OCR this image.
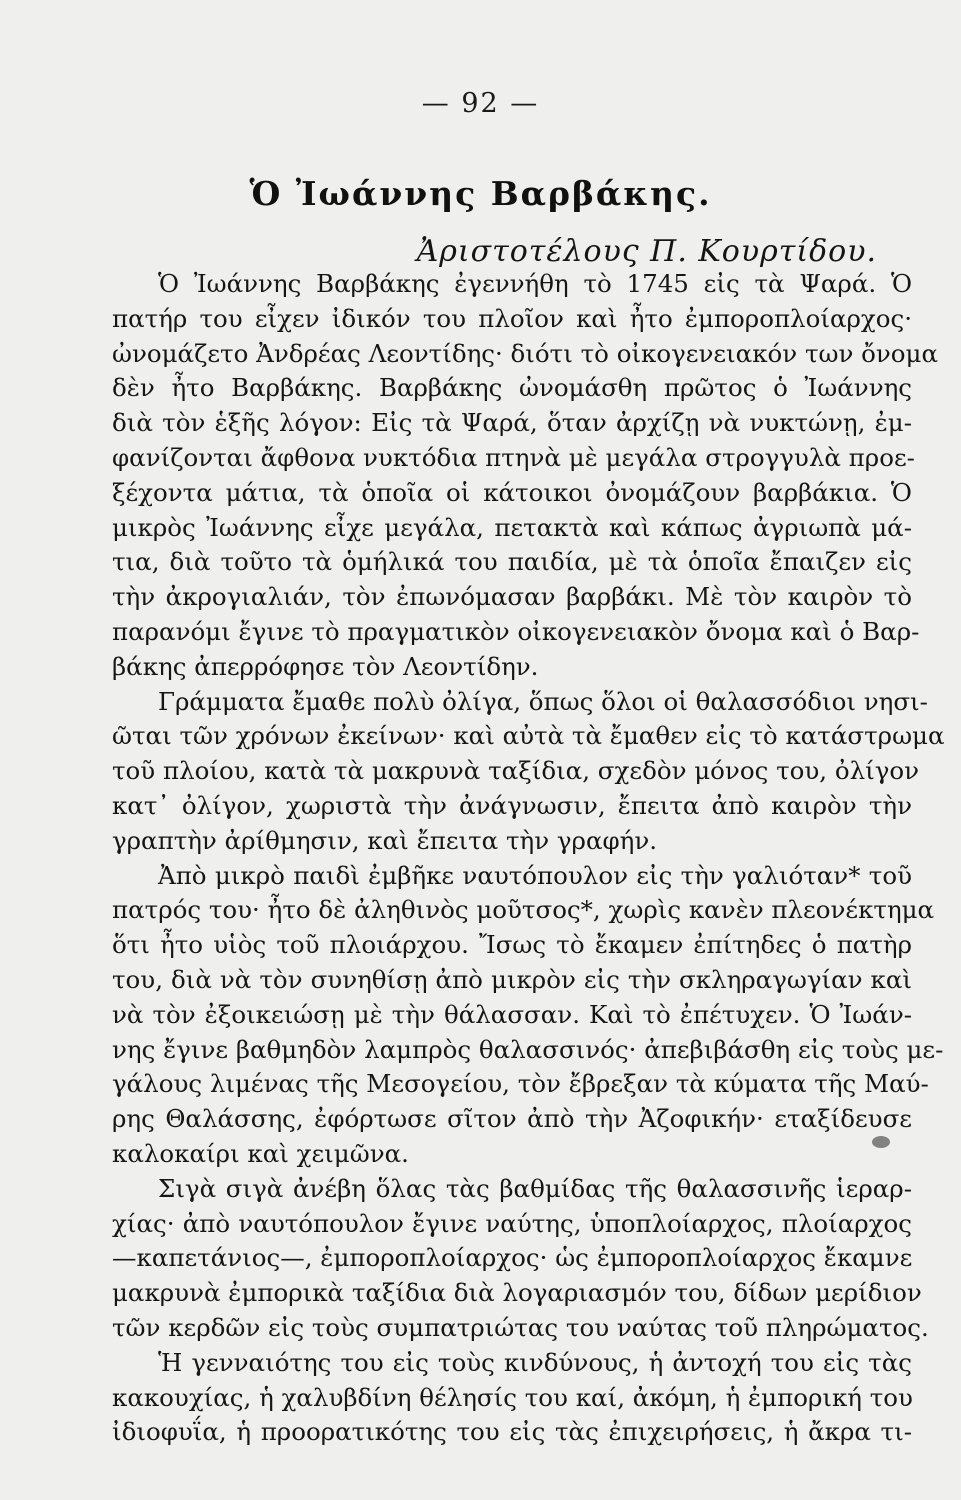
— 92 —
Ὁ Ἰωάννης Βαρβάκης.
Ἀριστοτέλους Π. Κουρτίδου.
Ὁ Ἰωάννης Βαρβάκης ἐγεννήθη τὸ 1745 εἰς τὰ Ψαρά. Ὁ
πατήρ του εἶχεν ἰδικόν του πλοῖον καὶ ἦτο ἐμποροπλοίαρχος·
ὠνομάζετο Ἀνδρέας Λεοντίδης· διότι τὸ οἰκογενειακόν των ὄνομα
δὲν ἦτο Βαρβάκης. Βαρβάκης ὠνομάσθη πρῶτος ὁ Ἰωάννης
διὰ τὸν ἑξῆς λόγον: Εἰς τὰ Ψαρά, ὅταν ἀρχίζῃ νὰ νυκτώνῃ, ἐμ-
φανίζονται ἄφθονα νυκτόδια πτηνὰ μὲ μεγάλα στρογγυλὰ προε-
ξέχοντα μάτια, τὰ ὁποῖα οἱ κάτοικοι ὀνομάζουν βαρβάκια. Ὁ
μικρὸς Ἰωάννης εἶχε μεγάλα, πετακτὰ καὶ κάπως ἀγριωπὰ μά-
τια, διὰ τοῦτο τὰ ὁμήλικά του παιδία, μὲ τὰ ὁποῖα ἔπαιζεν εἰς
τὴν ἀκρογιαλιάν, τὸν ἐπωνόμασαν βαρβάκι. Μὲ τὸν καιρὸν τὸ
παρανόμι ἔγινε τὸ πραγματικὸν οἰκογενειακὸν ὄνομα καὶ ὁ Βαρ-
βάκης ἀπερρόφησε τὸν Λεοντίδην.
Γράμματα ἔμαθε πολὺ ὀλίγα, ὅπως ὅλοι οἱ θαλασσόδιοι νησι-
ῶται τῶν χρόνων ἐκείνων· καὶ αὐτὰ τὰ ἔμαθεν εἰς τὸ κατάστρωμα
τοῦ πλοίου, κατὰ τὰ μακρυνὰ ταξίδια, σχεδὸν μόνος του, ὀλίγον
κατ᾽ ὀλίγον, χωριστὰ τὴν ἀνάγνωσιν, ἔπειτα ἀπὸ καιρὸν τὴν
γραπτὴν ἀρίθμησιν, καὶ ἔπειτα τὴν γραφήν.
Ἀπὸ μικρὸ παιδὶ ἐμβῆκε ναυτόπουλον εἰς τὴν γαλιόταν* τοῦ
πατρός του· ἦτο δὲ ἀληθινὸς μοῦτσος*, χωρὶς κανὲν πλεονέκτημα
ὅτι ἦτο υἱὸς τοῦ πλοιάρχου. Ἴσως τὸ ἔκαμεν ἐπίτηδες ὁ πατὴρ
του, διὰ νὰ τὸν συνηθίσῃ ἀπὸ μικρὸν εἰς τὴν σκληραγωγίαν καὶ
νὰ τὸν ἐξοικειώσῃ μὲ τὴν θάλασσαν. Καὶ τὸ ἐπέτυχεν. Ὁ Ἰωάν-
νης ἔγινε βαθμηδὸν λαμπρὸς θαλασσινός· ἀπεβιβάσθη εἰς τοὺς με-
γάλους λιμένας τῆς Μεσογείου, τὸν ἔβρεξαν τὰ κύματα τῆς Μαύ-
ρης Θαλάσσης, ἐφόρτωσε σῖτον ἀπὸ τὴν Ἀζοφικήν· εταξίδευσε
καλοκαίρι καὶ χειμῶνα.
Σιγὰ σιγὰ ἀνέβη ὅλας τὰς βαθμίδας τῆς θαλασσινῆς ἱεραρ-
χίας· ἀπὸ ναυτόπουλον ἔγινε ναύτης, ὑποπλοίαρχος, πλοίαρχος
—καπετάνιος—, ἐμποροπλοίαρχος· ὡς ἐμποροπλοίαρχος ἔκαμνε
μακρυνὰ ἐμπορικὰ ταξίδια διὰ λογαριασμόν του, δίδων μερίδιον
τῶν κερδῶν εἰς τοὺς συμπατριώτας του ναύτας τοῦ πληρώματος.
Ἡ γενναιότης του εἰς τοὺς κινδύνους, ἡ ἀντοχή του εἰς τὰς
κακουχίας, ἡ χαλυβδίνη θέλησίς του καί, ἀκόμη, ἡ ἐμπορική του
ἰδιοφυΐα, ἡ προορατικότης του εἰς τὰς ἐπιχειρήσεις, ἡ ἄκρα τι-
